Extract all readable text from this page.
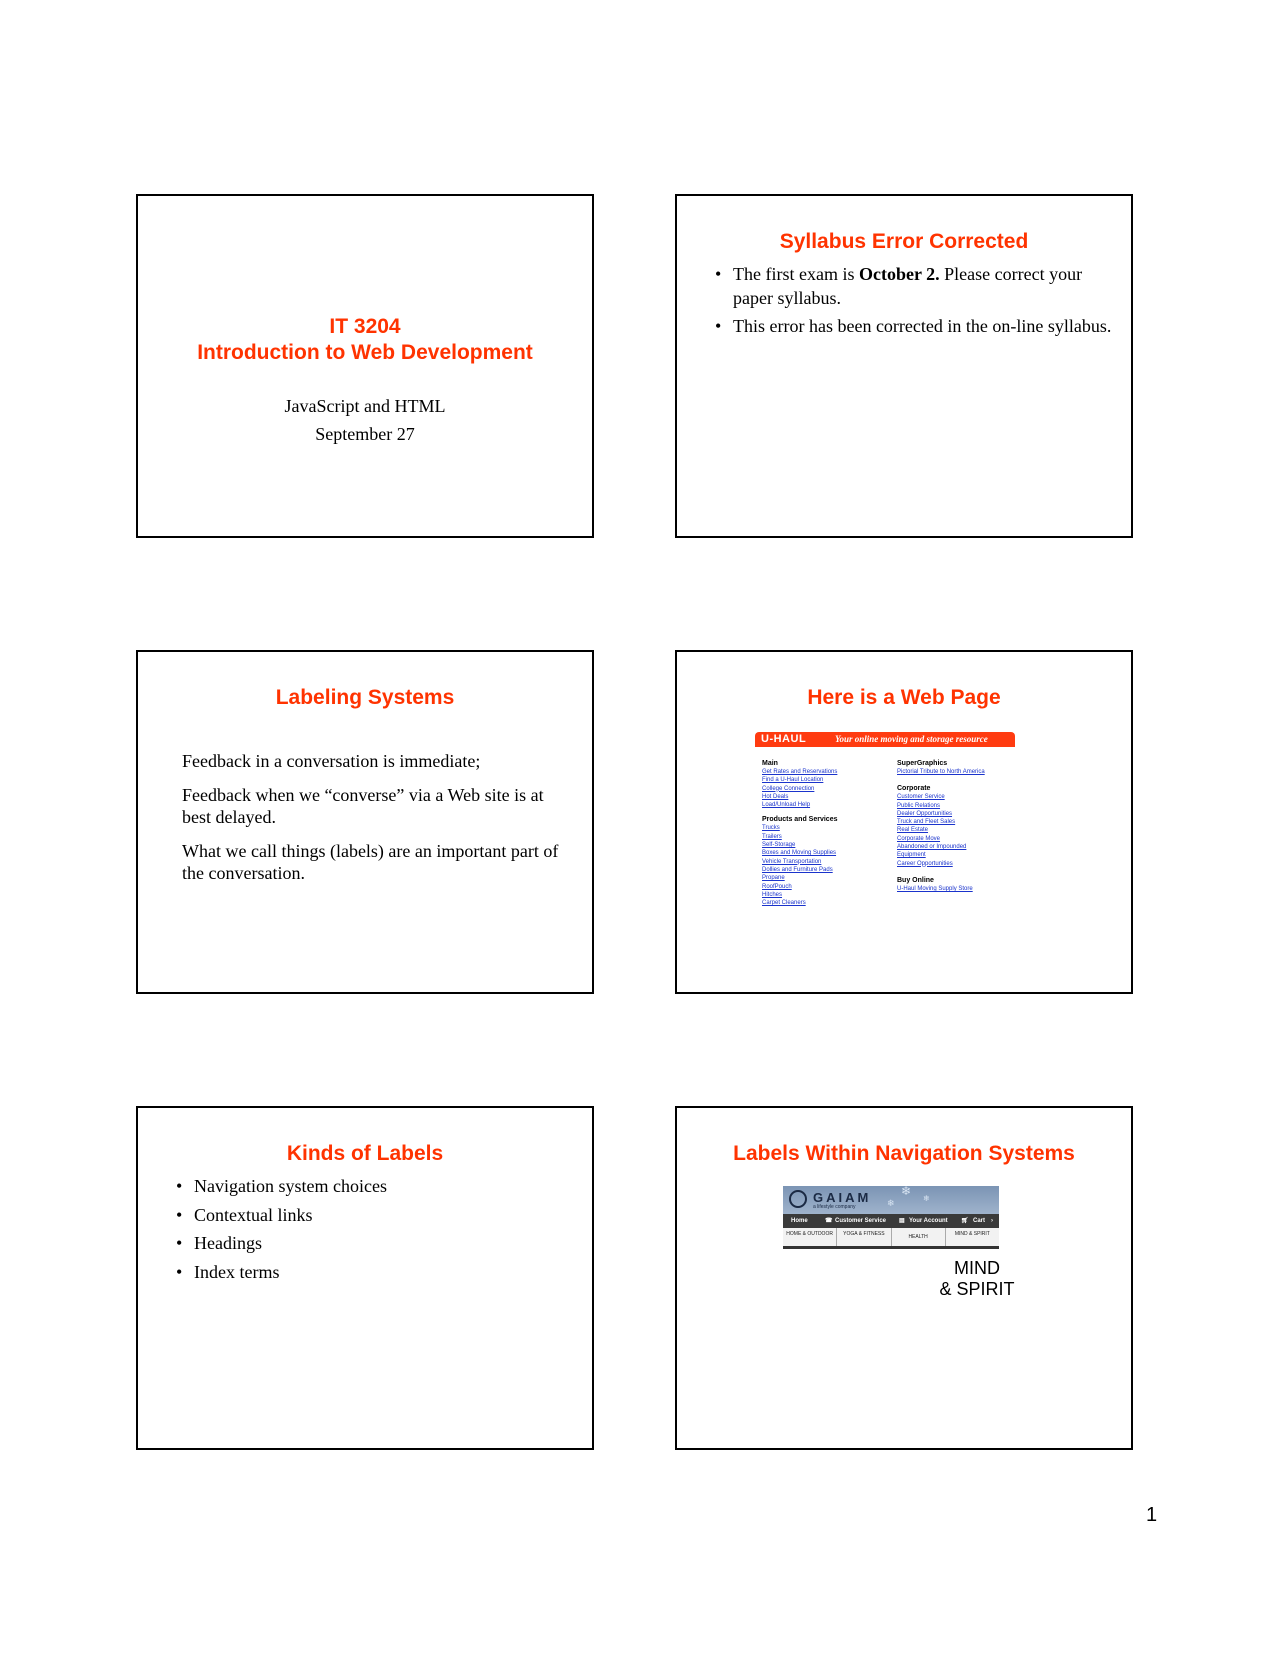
IT 3204
Introduction to Web Development
JavaScript and HTML
September 27
Syllabus Error Corrected
• The first exam is October 2. Please correct your paper syllabus.
• This error has been corrected in the on-line syllabus.
Labeling Systems
Feedback in a conversation is immediate;
Feedback when we “converse” via a Web site is at best delayed.
What we call things (labels) are an important part of the conversation.
Here is a Web Page
U-HAUL	Your online moving and storage resource
Main
Get Rates and Reservations
Find a U-Haul Location
College Connection
Hot Deals
Load/Unload Help
Products and Services
Trucks
Trailers
Self-Storage
Boxes and Moving Supplies
Vehicle Transportation
Dollies and Furniture Pads
Propane
RoofPouch
Hitches
Carpet Cleaners
SuperGraphics
Pictorial Tribute to North America
Corporate
Customer Service
Public Relations
Dealer Opportunities
Truck and Fleet Sales
Real Estate
Corporate Move
Abandoned or Impounded
Equipment
Career Opportunities
Buy Online
U-Haul Moving Supply Store
Kinds of Labels
• Navigation system choices
• Contextual links
• Headings
• Index terms
Labels Within Navigation Systems
GAIAM
a lifestyle company
❄
❄	❄
Home	☎ Customer Service ▤ Your Account 🛒︎ Cart ›
HOME & OUTDOOR	YOGA & FITNESS	HEALTH	MIND & SPIRIT
MIND
& SPIRIT
1
